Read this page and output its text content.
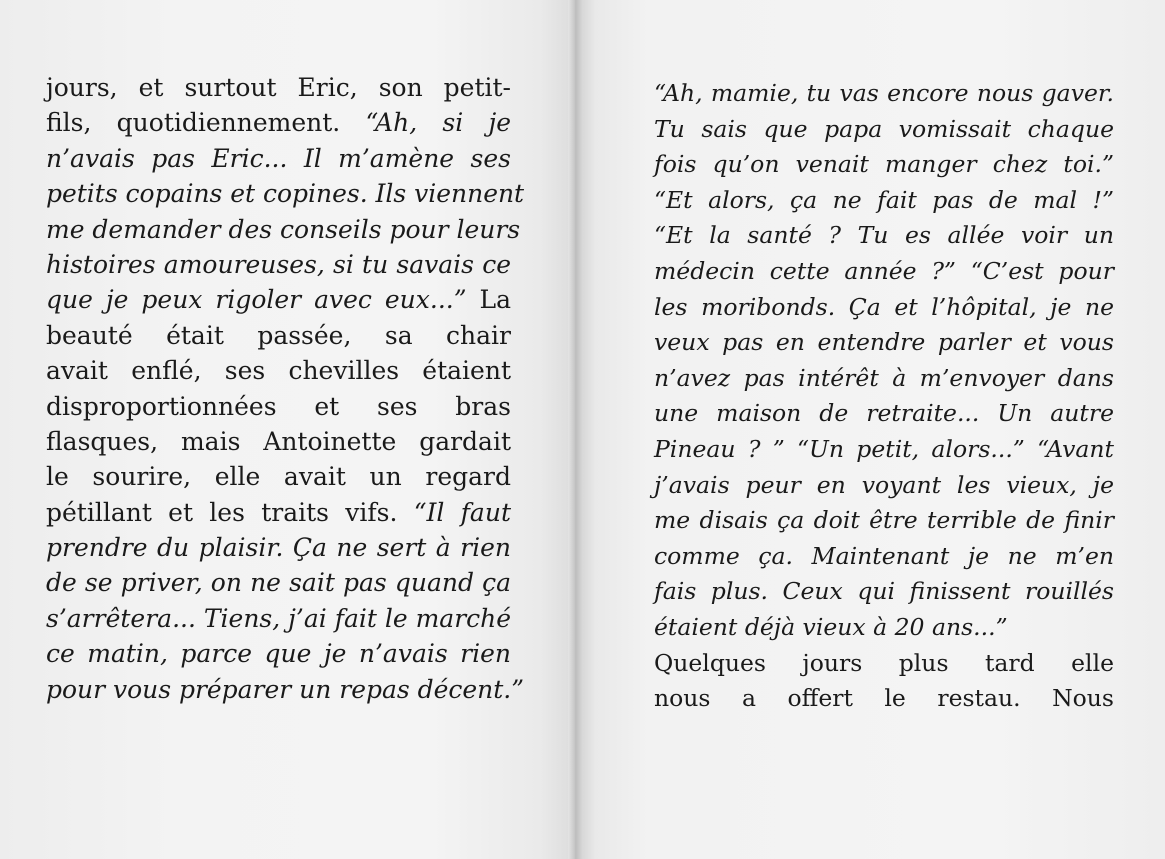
jours, et surtout Eric, son petit-
fils, quotidiennement. “Ah, si je
n’avais pas Eric... Il m’amène ses
petits copains et copines. Ils viennent
me demander des conseils pour leurs
histoires amoureuses, si tu savais ce
que je peux rigoler avec eux...” La
beauté était passée, sa chair
avait enflé, ses chevilles étaient
disproportionnées et ses bras
flasques, mais Antoinette gardait
le sourire, elle avait un regard
pétillant et les traits vifs. “Il faut
prendre du plaisir. Ça ne sert à rien
de se priver, on ne sait pas quand ça
s’arrêtera... Tiens, j’ai fait le marché
ce matin, parce que je n’avais rien
pour vous préparer un repas décent.”
“Ah, mamie, tu vas encore nous gaver.
Tu sais que papa vomissait chaque
fois qu’on venait manger chez toi.”
“Et alors, ça ne fait pas de mal !”
“Et la santé ? Tu es allée voir un
médecin cette année ?” “C’est pour
les moribonds. Ça et l’hôpital, je ne
veux pas en entendre parler et vous
n’avez pas intérêt à m’envoyer dans
une maison de retraite... Un autre
Pineau ? ” “Un petit, alors...” “Avant
j’avais peur en voyant les vieux, je
me disais ça doit être terrible de finir
comme ça. Maintenant je ne m’en
fais plus. Ceux qui finissent rouillés
étaient déjà vieux à 20 ans...”
Quelques jours plus tard elle
nous a offert le restau. Nous
